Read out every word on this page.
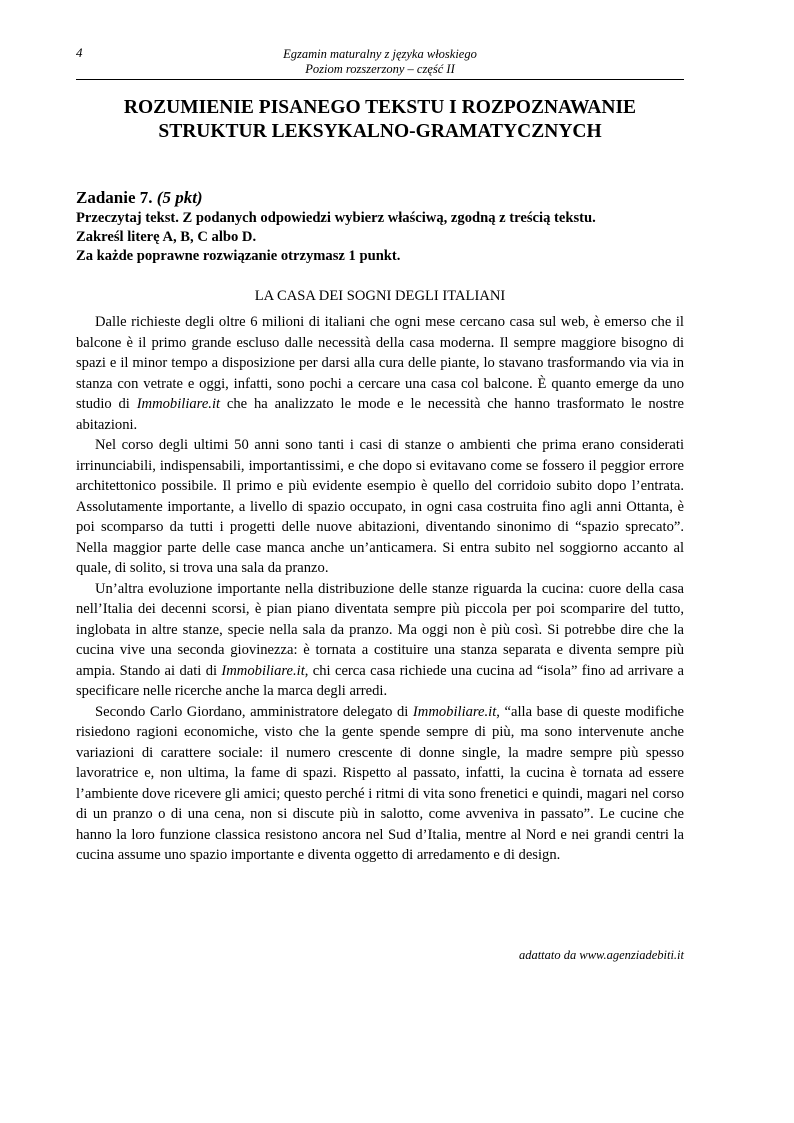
4	Egzamin maturalny z języka włoskiego
Poziom rozszerzony – część II
ROZUMIENIE PISANEGO TEKSTU I ROZPOZNAWANIE
STRUKTUR LEKSYKALNO-GRAMATYCZNYCH

Zadanie 7. (5 pkt)

Przeczytaj tekst. Z podanych odpowiedzi wybierz właściwą, zgodną z treścią tekstu.

Zakreśl literę A, B, C albo D.

Za każde poprawne rozwiązanie otrzymasz 1 punkt.

LA CASA DEI SOGNI DEGLI ITALIANI

Dalle richieste degli oltre 6 milioni di italiani che ogni mese cercano casa sul web, è emerso che il balcone è il primo grande escluso dalle necessità della casa moderna. Il sempre maggiore bisogno di spazi e il minor tempo a disposizione per darsi alla cura delle piante, lo stavano trasformando via via in stanza con vetrate e oggi, infatti, sono pochi a cercare una casa col balcone. È quanto emerge da uno studio di Immobiliare.it che ha analizzato le mode e le necessità che hanno trasformato le nostre abitazioni.

Nel corso degli ultimi 50 anni sono tanti i casi di stanze o ambienti che prima erano considerati irrinunciabili, indispensabili, importantissimi, e che dopo si evitavano come se fossero il peggior errore architettonico possibile. Il primo e più evidente esempio è quello del corridoio subito dopo l’entrata. Assolutamente importante, a livello di spazio occupato, in ogni casa costruita fino agli anni Ottanta, è poi scomparso da tutti i progetti delle nuove abitazioni, diventando sinonimo di “spazio sprecato”. Nella maggior parte delle case manca anche un’anticamera. Si entra subito nel soggiorno accanto al quale, di solito, si trova una sala da pranzo.

Un’altra evoluzione importante nella distribuzione delle stanze riguarda la cucina: cuore della casa nell’Italia dei decenni scorsi, è pian piano diventata sempre più piccola per poi scomparire del tutto, inglobata in altre stanze, specie nella sala da pranzo. Ma oggi non è più così. Si potrebbe dire che la cucina vive una seconda giovinezza: è tornata a costituire una stanza separata e diventa sempre più ampia. Stando ai dati di Immobiliare.it, chi cerca casa richiede una cucina ad “isola” fino ad arrivare a specificare nelle ricerche anche la marca degli arredi.

Secondo Carlo Giordano, amministratore delegato di Immobiliare.it, “alla base di queste modifiche risiedono ragioni economiche, visto che la gente spende sempre di più, ma sono intervenute anche variazioni di carattere sociale: il numero crescente di donne single, la madre sempre più spesso lavoratrice e, non ultima, la fame di spazi. Rispetto al passato, infatti, la cucina è tornata ad essere l’ambiente dove ricevere gli amici; questo perché i ritmi di vita sono frenetici e quindi, magari nel corso di un pranzo o di una cena, non si discute più in salotto, come avveniva in passato”. Le cucine che hanno la loro funzione classica resistono ancora nel Sud d’Italia, mentre al Nord e nei grandi centri la cucina assume uno spazio importante e diventa oggetto di arredamento e di design.

adattato da www.agenziadebiti.it
